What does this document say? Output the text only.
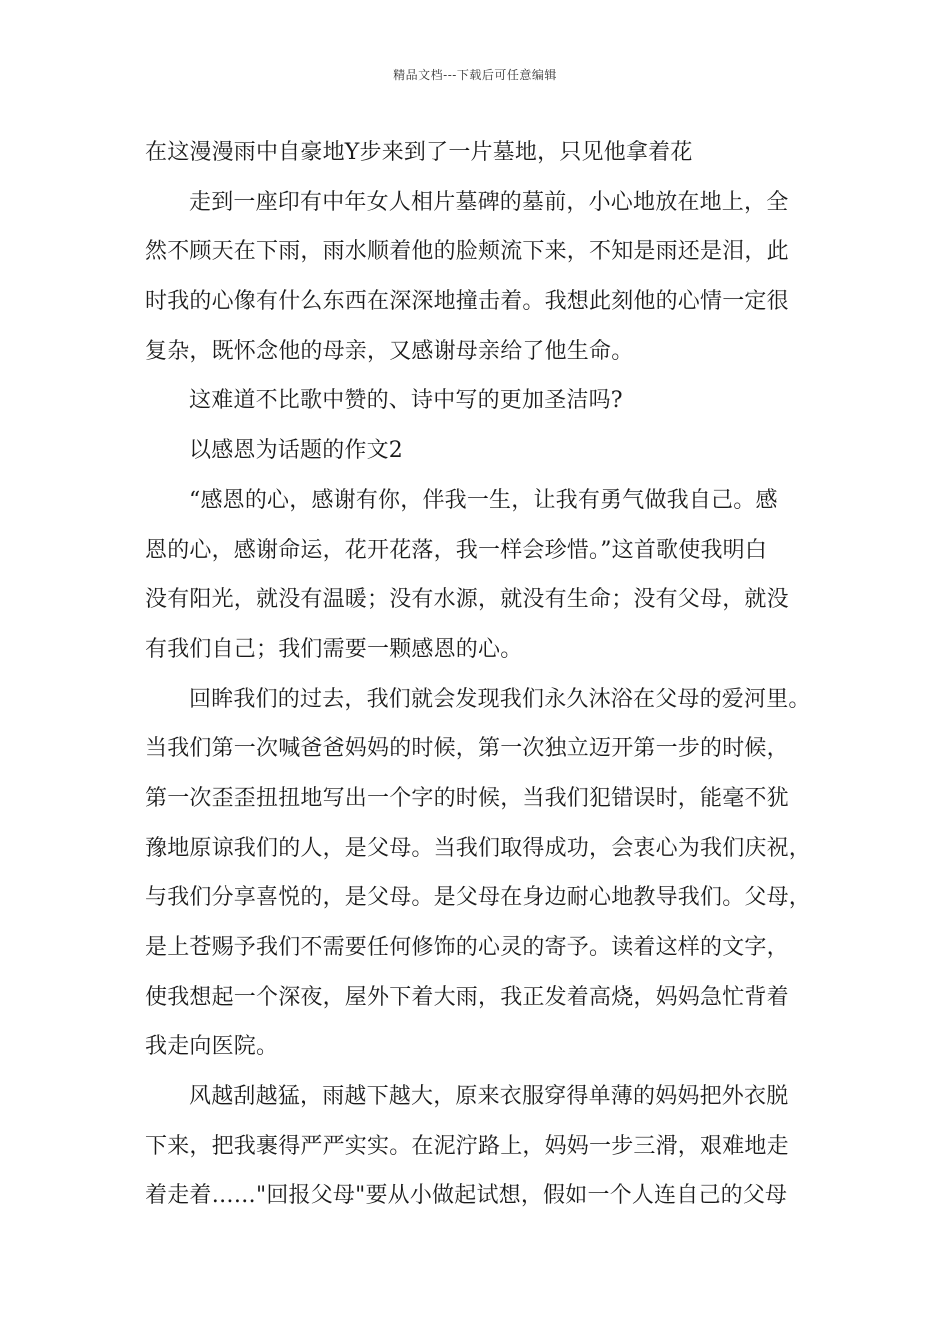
精品文档---下载后可任意编辑
在这漫漫雨中自豪地Y步来到了一片墓地，只见他拿着花
走到一座印有中年女人相片墓碑的墓前，小心地放在地上，全
然不顾天在下雨，雨水顺着他的脸颊流下来，不知是雨还是泪，此
时我的心像有什么东西在深深地撞击着。我想此刻他的心情一定很
复杂，既怀念他的母亲，又感谢母亲给了他生命。
这难道不比歌中赞的、诗中写的更加圣洁吗?
以感恩为话题的作文2
“感恩的心，感谢有你，伴我一生，让我有勇气做我自己。感
恩的心，感谢命运，花开花落，我一样会珍惜。”这首歌使我明白
没有阳光，就没有温暖；没有水源，就没有生命；没有父母，就没
有我们自己；我们需要一颗感恩的心。
回眸我们的过去，我们就会发现我们永久沐浴在父母的爱河里。
当我们第一次喊爸爸妈妈的时候，第一次独立迈开第一步的时候，
第一次歪歪扭扭地写出一个字的时候，当我们犯错误时，能毫不犹
豫地原谅我们的人，是父母。当我们取得成功，会衷心为我们庆祝，
与我们分享喜悦的，是父母。是父母在身边耐心地教导我们。父母，
是上苍赐予我们不需要任何修饰的心灵的寄予。读着这样的文字，
使我想起一个深夜，屋外下着大雨，我正发着高烧，妈妈急忙背着
我走向医院。
风越刮越猛，雨越下越大，原来衣服穿得单薄的妈妈把外衣脱
下来，把我裹得严严实实。在泥泞路上，妈妈一步三滑，艰难地走
着走着……"回报父母"要从小做起试想，假如一个人连自己的父母
